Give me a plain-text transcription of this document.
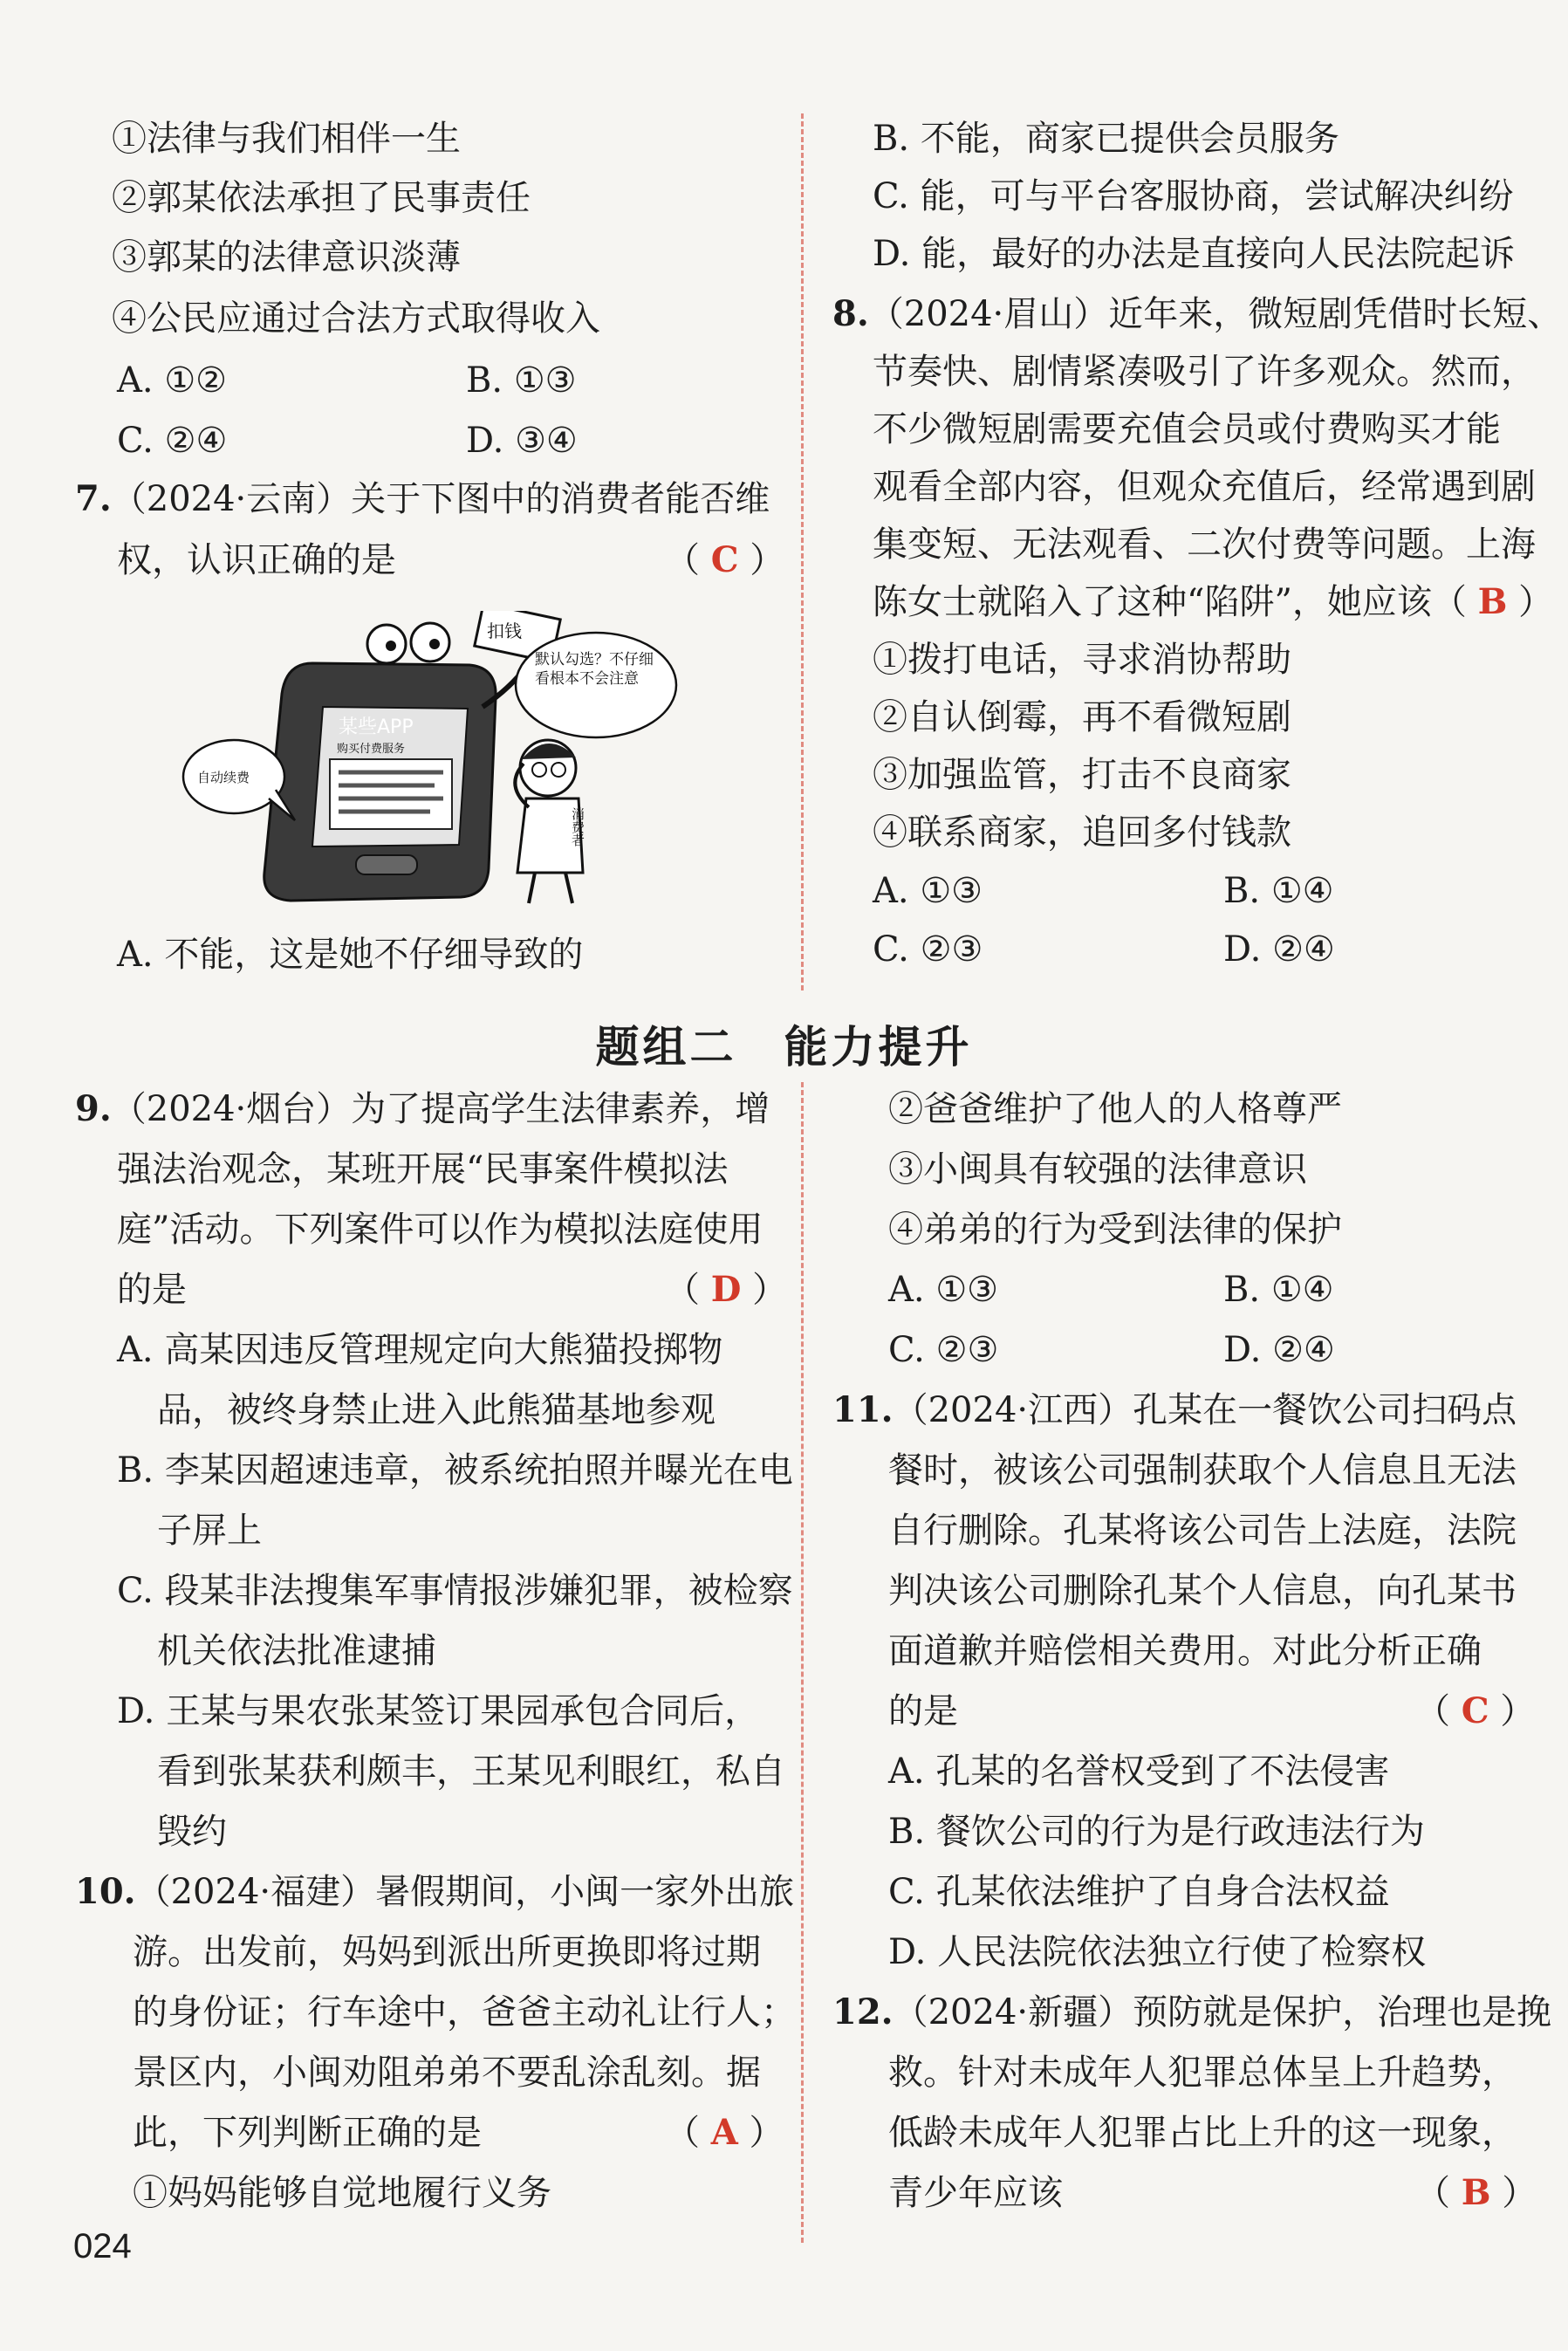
①法律与我们相伴一生
②郭某依法承担了民事责任
③郭某的法律意识淡薄
④公民应通过合法方式取得收入
A. ①②	B. ①③
C. ②④	D. ③④
7.（2024·云南）关于下图中的消费者能否维
权，认识正确的是	（ C ）
扣钱
某些APP
购买付费服务
自动续费
默认勾选？不仔细看根本不会注意
消费者
A. 不能，这是她不仔细导致的
B. 不能，商家已提供会员服务
C. 能，可与平台客服协商，尝试解决纠纷
D. 能，最好的办法是直接向人民法院起诉
8.（2024·眉山）近年来，微短剧凭借时长短、
节奏快、剧情紧凑吸引了许多观众。然而，
不少微短剧需要充值会员或付费购买才能
观看全部内容，但观众充值后，经常遇到剧
集变短、无法观看、二次付费等问题。上海
陈女士就陷入了这种“陷阱”，她应该（ B ）
①拨打电话，寻求消协帮助
②自认倒霉，再不看微短剧
③加强监管，打击不良商家
④联系商家，追回多付钱款
A. ①③	B. ①④
C. ②③	D. ②④
题组二　能力提升
9.（2024·烟台）为了提高学生法律素养，增
强法治观念，某班开展“民事案件模拟法
庭”活动。下列案件可以作为模拟法庭使用
的是	（ D ）
A. 高某因违反管理规定向大熊猫投掷物
品，被终身禁止进入此熊猫基地参观
B. 李某因超速违章，被系统拍照并曝光在电
子屏上
C. 段某非法搜集军事情报涉嫌犯罪，被检察
机关依法批准逮捕
D. 王某与果农张某签订果园承包合同后，
看到张某获利颇丰，王某见利眼红，私自
毁约
10.（2024·福建）暑假期间，小闽一家外出旅
游。出发前，妈妈到派出所更换即将过期
的身份证；行车途中，爸爸主动礼让行人；
景区内，小闽劝阻弟弟不要乱涂乱刻。据
此，下列判断正确的是	（ A ）
①妈妈能够自觉地履行义务
②爸爸维护了他人的人格尊严
③小闽具有较强的法律意识
④弟弟的行为受到法律的保护
A. ①③	B. ①④
C. ②③	D. ②④
11.（2024·江西）孔某在一餐饮公司扫码点
餐时，被该公司强制获取个人信息且无法
自行删除。孔某将该公司告上法庭，法院
判决该公司删除孔某个人信息，向孔某书
面道歉并赔偿相关费用。对此分析正确
的是	（ C ）
A. 孔某的名誉权受到了不法侵害
B. 餐饮公司的行为是行政违法行为
C. 孔某依法维护了自身合法权益
D. 人民法院依法独立行使了检察权
12.（2024·新疆）预防就是保护，治理也是挽
救。针对未成年人犯罪总体呈上升趋势，
低龄未成年人犯罪占比上升的这一现象，
青少年应该	（ B ）
024
